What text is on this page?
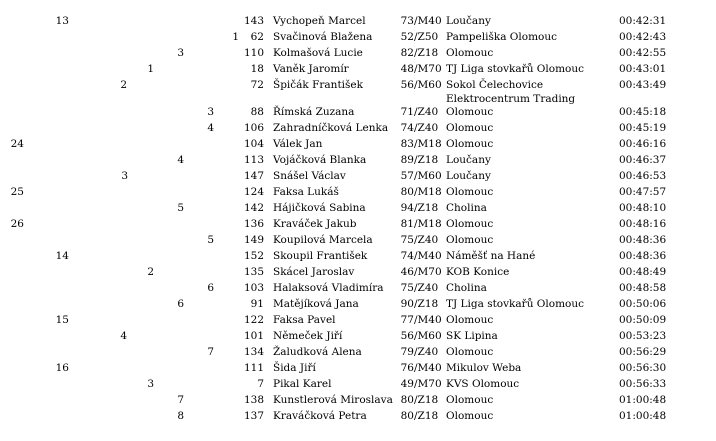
13	143 Vychopeň Marcel	73 /M40 Loučany	00:42:31
1	62 Svačinová Blažena	52 /Z50 Pampeliška Olomouc	00:42:43
3	110 Kolmašová Lucie	82 /Z18 Olomouc	00:42:55
1	18 Vaněk Jaromír	48 /M70 TJ Liga stovkařů Olomouc	00:43:01
2	72 Špičák František	56 /M60 Sokol Čelechovice	00:43:49
Elektrocentrum Trading
3	88 Římská Zuzana	71 /Z40 Olomouc	00:45:18
4	106 Zahradníčková Lenka	74 /Z40 Olomouc	00:45:19
24	104 Válek Jan	83 /M18 Olomouc	00:46:16
4	113 Vojáčková Blanka	89 /Z18 Loučany	00:46:37
3	147 Snášel Václav	57 /M60 Loučany	00:46:53
25	124 Faksa Lukáš	80 /M18 Olomouc	00:47:57
5	142 Hájičková Sabina	94 /Z18 Cholina	00:48:10
26	136 Kraváček Jakub	81 /M18 Olomouc	00:48:16
5	149 Koupilová Marcela	75 /Z40 Olomouc	00:48:36
14	152 Skoupil František	74 /M40 Náměšť na Hané	00:48:36
2	135 Skácel Jaroslav	46 /M70 KOB Konice	00:48:49
6	103 Halaksová Vladimíra	75 /Z40 Cholina	00:48:58
6	91 Matějíková Jana	90 /Z18 TJ Liga stovkařů Olomouc	00:50:06
15	122 Faksa Pavel	77 /M40 Olomouc	00:50:09
4	101 Němeček Jiří	56 /M60 SK Lipina	00:53:23
7	134 Žaludková Alena	79 /Z40 Olomouc	00:56:29
16	111 Šida Jiří	76 /M40 Mikulov Weba	00:56:30
3	7 Pikal Karel	49 /M70 KVS Olomouc	00:56:33
7	138 Kunstlerová Miroslava 80 /Z18 Olomouc	01:00:48
8	137 Kraváčková Petra	80 /Z18 Olomouc	01:00:48
